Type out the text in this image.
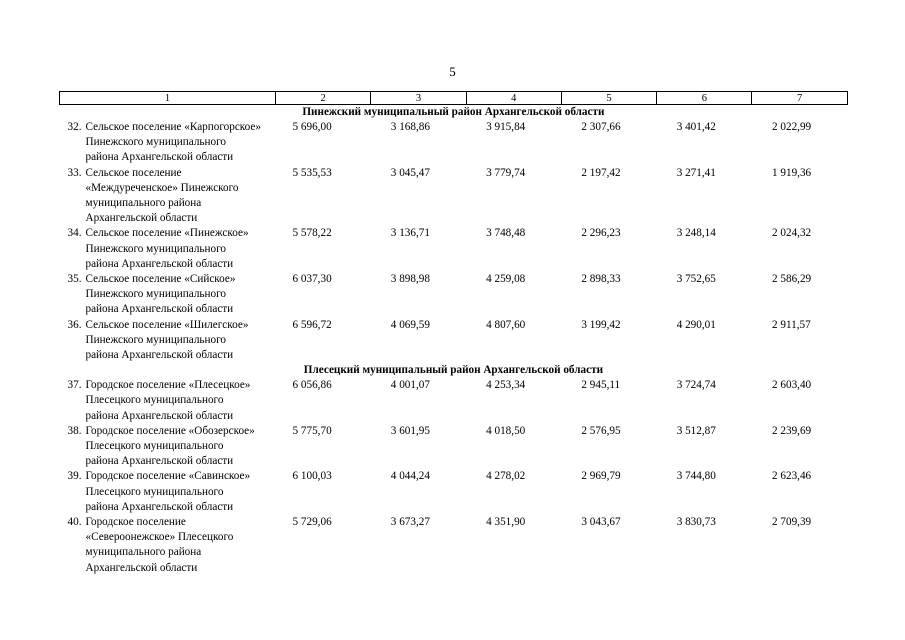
5
1	2	3	4	5	6	7
Пинежский муниципальный район Архангельской области						

32. Сельское поселение «Карпогорское»
Пинежского муниципального
района Архангельской области	5 696,00	3 168,86	3 915,84	2 307,66	3 401,42	2 022,99

33. Сельское поселение
«Междуреченское» Пинежского
муниципального района
Архангельской области	5 535,53	3 045,47	3 779,74	2 197,42	3 271,41	1 919,36

34. Сельское поселение «Пинежское»
Пинежского муниципального
района Архангельской области	5 578,22	3 136,71	3 748,48	2 296,23	3 248,14	2 024,32

35. Сельское поселение «Сийское»
Пинежского муниципального
района Архангельской области	6 037,30	3 898,98	4 259,08	2 898,33	3 752,65	2 586,29

36. Сельское поселение «Шилегское»
Пинежского муниципального
района Архангельской области	6 596,72	4 069,59	4 807,60	3 199,42	4 290,01	2 911,57
Плесецкий муниципальный район Архангельской области						

37. Городское поселение «Плесецкое»
Плесецкого муниципального
района Архангельской области	6 056,86	4 001,07	4 253,34	2 945,11	3 724,74	2 603,40

38. Городское поселение «Обозерское»
Плесецкого муниципального
района Архангельской области	5 775,70	3 601,95	4 018,50	2 576,95	3 512,87	2 239,69

39. Городское поселение «Савинское»
Плесецкого муниципального
района Архангельской области	6 100,03	4 044,24	4 278,02	2 969,79	3 744,80	2 623,46

40. Городское поселение
«Североонежское» Плесецкого
муниципального района
Архангельской области	5 729,06	3 673,27	4 351,90	3 043,67	3 830,73	2 709,39
